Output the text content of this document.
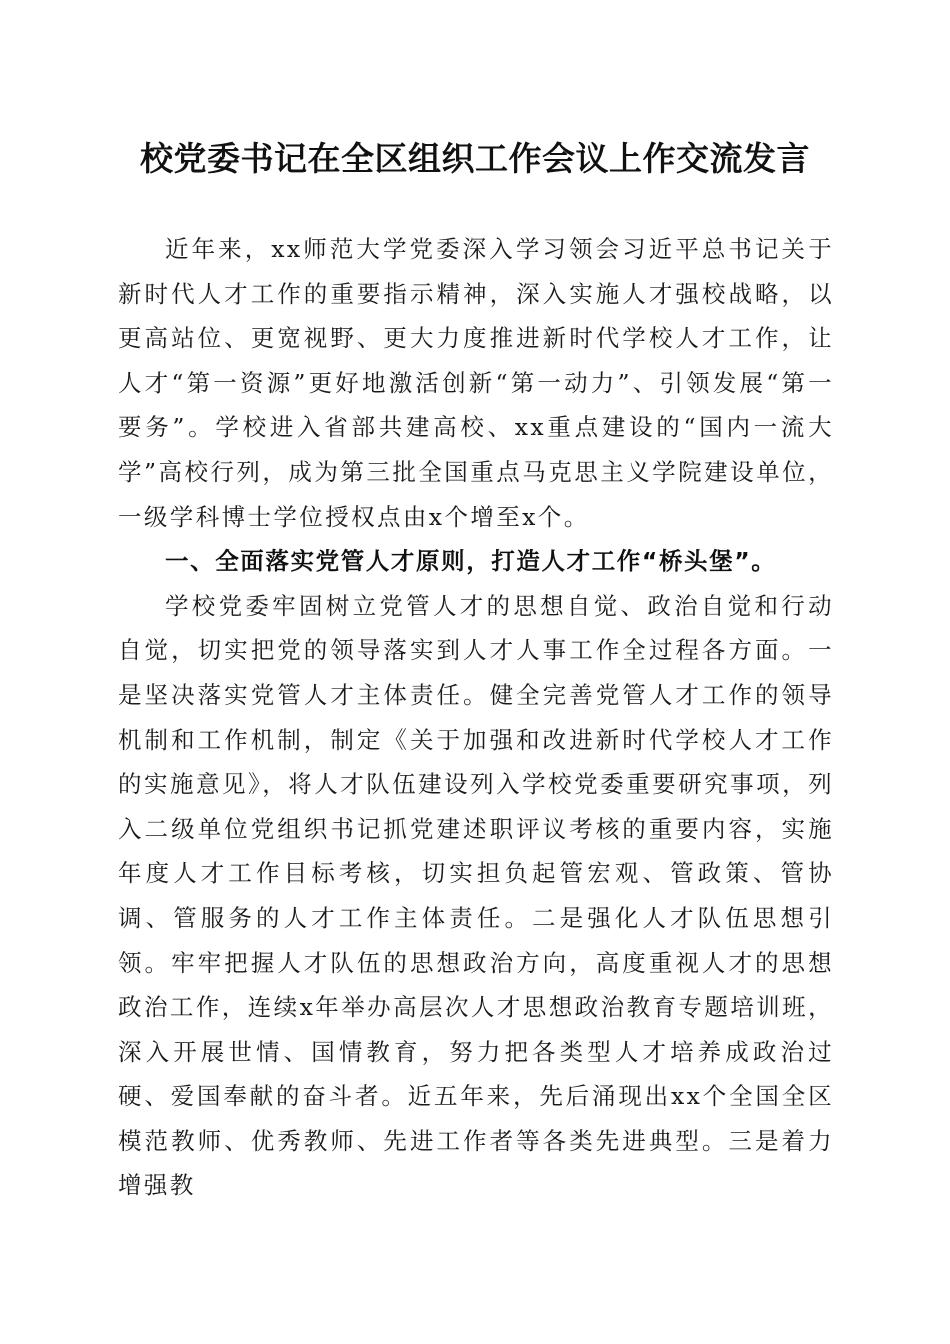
校党委书记在全区组织工作会议上作交流发言

近年来，xx师范大学党委深入学习领会习近平总书记关于新时代人才工作的重要指示精神，深入实施人才强校战略，以更高站位、更宽视野、更大力度推进新时代学校人才工作，让人才“第一资源”更好地激活创新“第一动力”、引领发展“第一要务”。学校进入省部共建高校、xx重点建设的“国内一流大学”高校行列，成为第三批全国重点马克思主义学院建设单位，一级学科博士学位授权点由x个增至x个。

一、全面落实党管人才原则，打造人才工作“桥头堡”。

学校党委牢固树立党管人才的思想自觉、政治自觉和行动自觉，切实把党的领导落实到人才人事工作全过程各方面。一是坚决落实党管人才主体责任。健全完善党管人才工作的领导机制和工作机制，制定《关于加强和改进新时代学校人才工作的实施意见》，将人才队伍建设列入学校党委重要研究事项，列入二级单位党组织书记抓党建述职评议考核的重要内容，实施年度人才工作目标考核，切实担负起管宏观、管政策、管协调、管服务的人才工作主体责任。二是强化人才队伍思想引领。牢牢把握人才队伍的思想政治方向，高度重视人才的思想政治工作，连续x年举办高层次人才思想政治教育专题培训班，深入开展世情、国情教育，努力把各类型人才培养成政治过硬、爱国奉献的奋斗者。近五年来，先后涌现出xx个全国全区模范教师、优秀教师、先进工作者等各类先进典型。三是着力增强教
